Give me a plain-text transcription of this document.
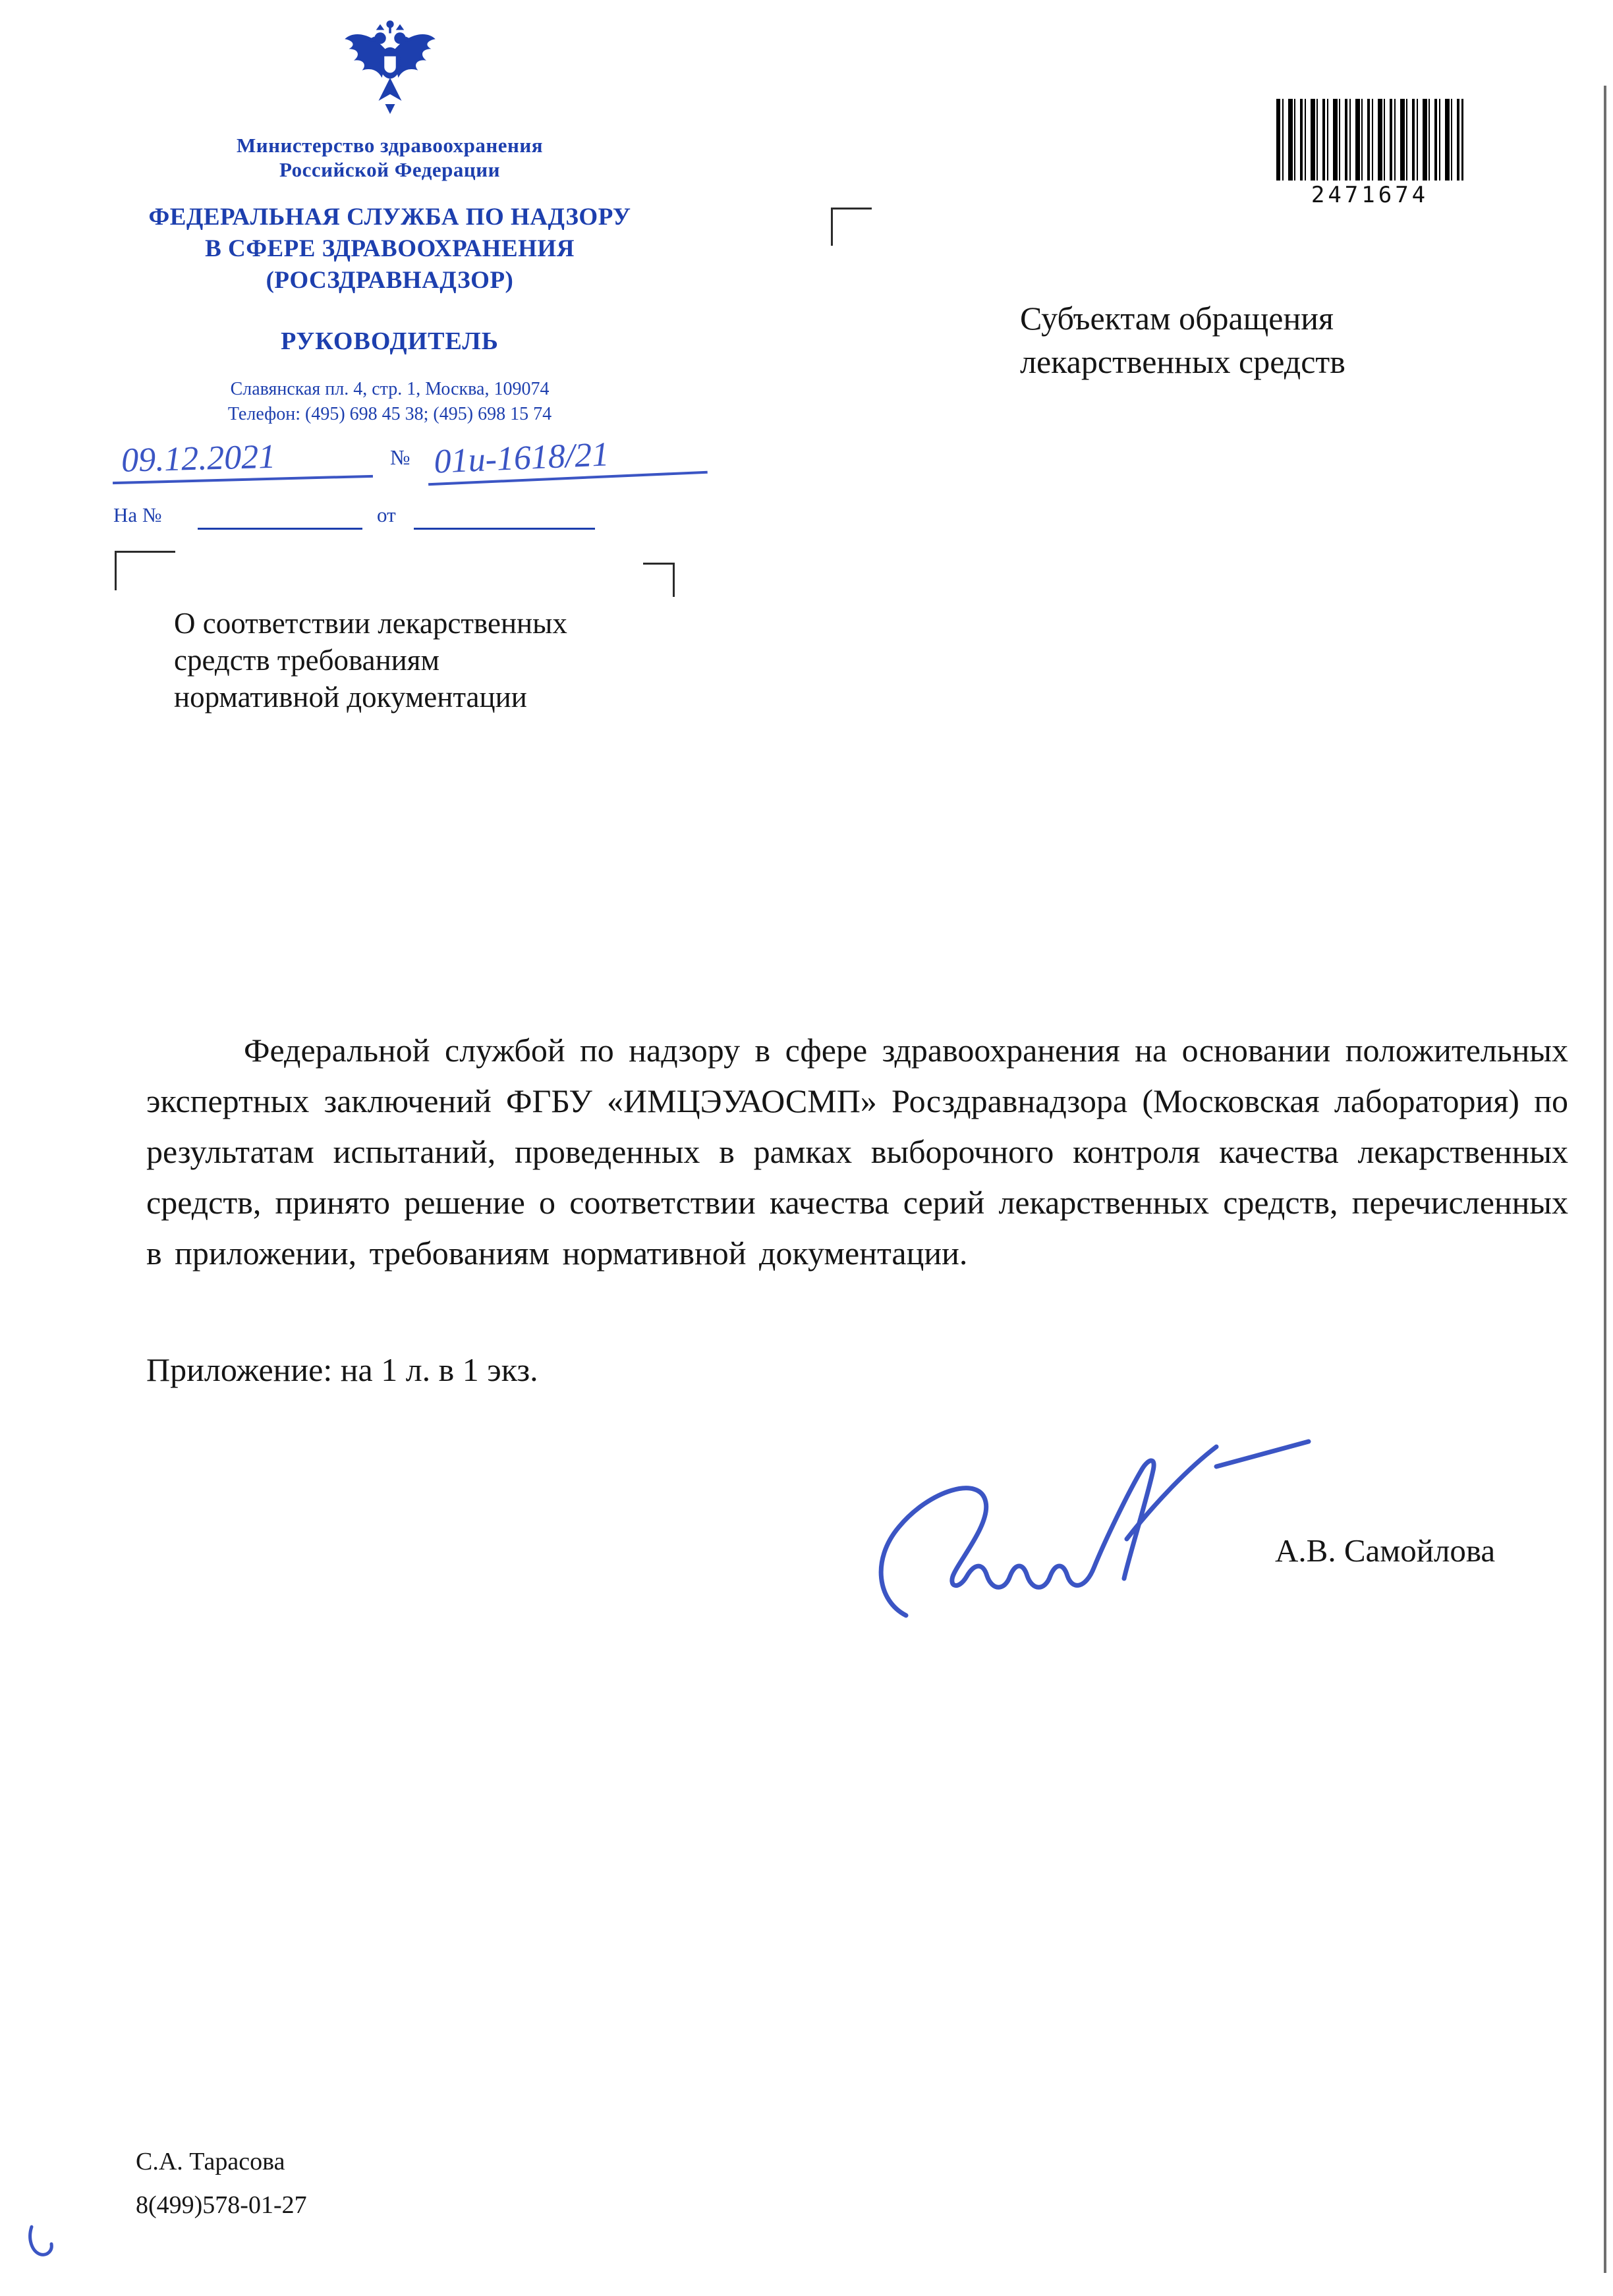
Министерство здравоохранения
Российской Федерации
ФЕДЕРАЛЬНАЯ СЛУЖБА ПО НАДЗОРУ
В СФЕРЕ ЗДРАВООХРАНЕНИЯ
(РОСЗДРАВНАДЗОР)
РУКОВОДИТЕЛЬ
Славянская пл. 4, стр. 1, Москва, 109074
Телефон: (495) 698 45 38; (495) 698 15 74
09.12.2021	№ 01и-1618/21
На №	от
2471674
Субъектам обращения
лекарственных средств
О соответствии лекарственных
средств требованиям
нормативной документации
Федеральной службой по надзору в сфере здравоохранения на основании положительных экспертных заключений ФГБУ «ИМЦЭУАОСМП» Росздравнадзора (Московская лаборатория) по результатам испытаний, проведенных в рамках выборочного контроля качества лекарственных средств, принято решение о соответствии качества серий лекарственных средств, перечисленных в приложении, требованиям нормативной документации.
Приложение: на 1 л. в 1 экз.
А.В. Самойлова
С.А. Тарасова
8(499)578-01-27
